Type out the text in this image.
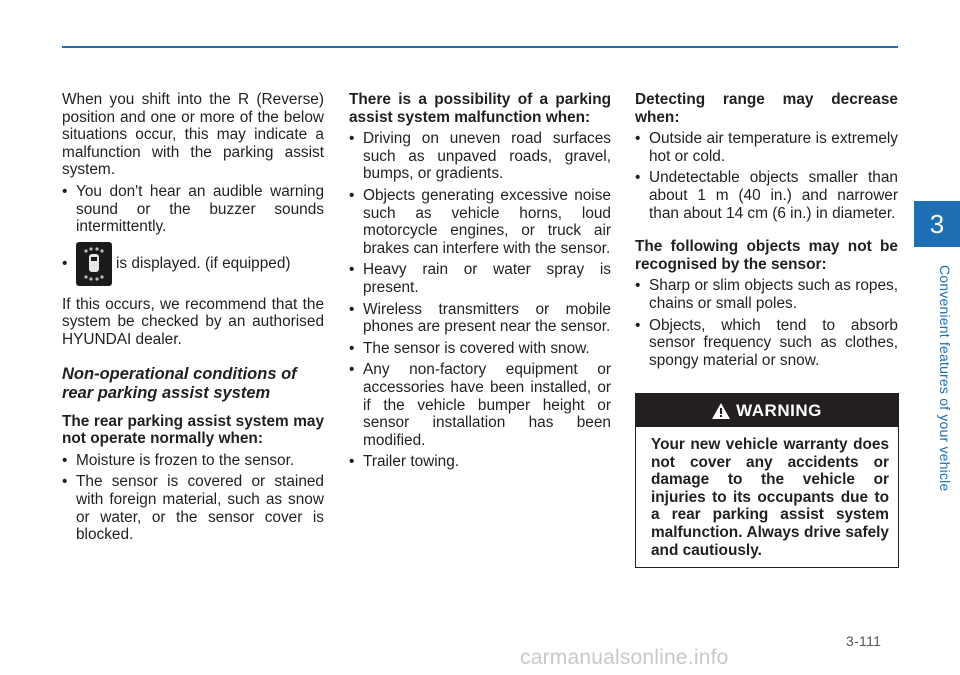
When you shift into the R (Reverse) position and one or more of the below situations occur, this may indicate a malfunction with the parking assist system.

• You don't hear an audible warning sound or the buzzer sounds intermittently.
•	is displayed. (if equipped)

If this occurs, we recommend that the system be checked by an authorised HYUNDAI dealer.

Non-operational conditions of rear parking assist system

The rear parking assist system may not operate normally when:

• Moisture is frozen to the sensor.
• The sensor is covered or stained with foreign material, such as snow or water, or the sensor cover is blocked.

There is a possibility of a parking assist system malfunction when:

• Driving on uneven road surfaces such as unpaved roads, gravel, bumps, or gradients.
• Objects generating excessive noise such as vehicle horns, loud motorcycle engines, or truck air brakes can interfere with the sensor.
• Heavy rain or water spray is present.
• Wireless transmitters or mobile phones are present near the sensor.
• The sensor is covered with snow.
• Any non-factory equipment or accessories have been installed, or if the vehicle bumper height or sensor installation has been modified.
• Trailer towing.

Detecting range may decrease when:

• Outside air temperature is extremely hot or cold.
• Undetectable objects smaller than about 1 m (40 in.) and narrower than about 14 cm (6 in.) in diameter.

The following objects may not be recognised by the sensor:

• Sharp or slim objects such as ropes, chains or small poles.
• Objects, which tend to absorb sensor frequency such as clothes, spongy material or snow.
WARNING
Your new vehicle warranty does not cover any accidents or damage to the vehicle or injuries to its occupants due to a rear parking assist system malfunction. Always drive safely and cautiously.
3
Convenient features of your vehicle
3-111
carmanualsonline.info
